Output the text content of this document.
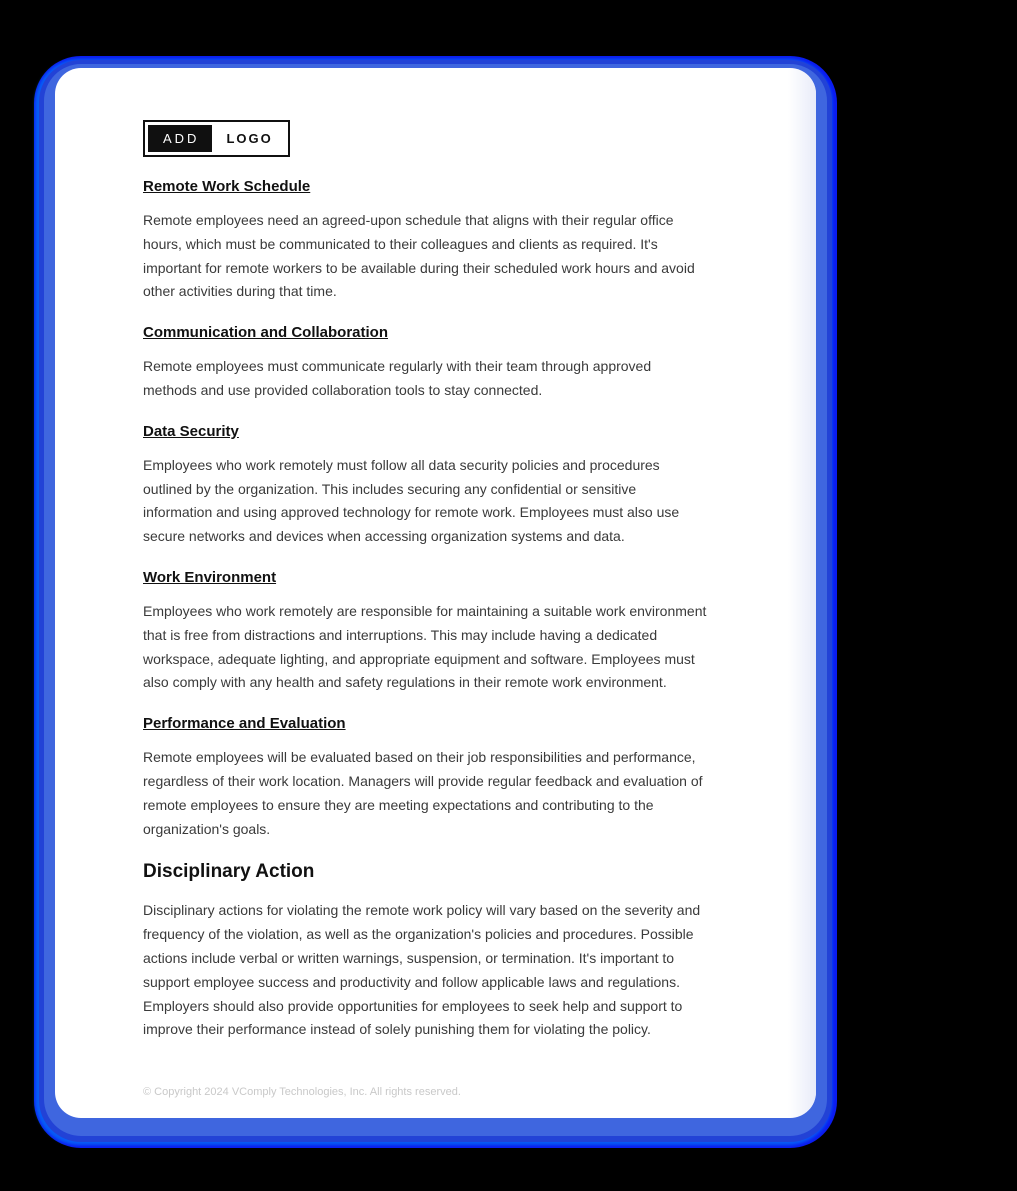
ADD	LOGO
Remote Work Schedule

Remote employees need an agreed-upon schedule that aligns with their regular office hours, which must be communicated to their colleagues and clients as required. It's important for remote workers to be available during their scheduled work hours and avoid other activities during that time.

Communication and Collaboration

Remote employees must communicate regularly with their team through approved methods and use provided collaboration tools to stay connected.

Data Security

Employees who work remotely must follow all data security policies and procedures outlined by the organization. This includes securing any confidential or sensitive information and using approved technology for remote work. Employees must also use secure networks and devices when accessing organization systems and data.

Work Environment

Employees who work remotely are responsible for maintaining a suitable work environment that is free from distractions and interruptions. This may include having a dedicated workspace, adequate lighting, and appropriate equipment and software. Employees must also comply with any health and safety regulations in their remote work environment.

Performance and Evaluation

Remote employees will be evaluated based on their job responsibilities and performance, regardless of their work location. Managers will provide regular feedback and evaluation of remote employees to ensure they are meeting expectations and contributing to the organization's goals.

Disciplinary Action

Disciplinary actions for violating the remote work policy will vary based on the severity and frequency of the violation, as well as the organization's policies and procedures. Possible actions include verbal or written warnings, suspension, or termination. It's important to support employee success and productivity and follow applicable laws and regulations. Employers should also provide opportunities for employees to seek help and support to improve their performance instead of solely punishing them for violating the policy.

© Copyright 2024 VComply Technologies, Inc. All rights reserved.
